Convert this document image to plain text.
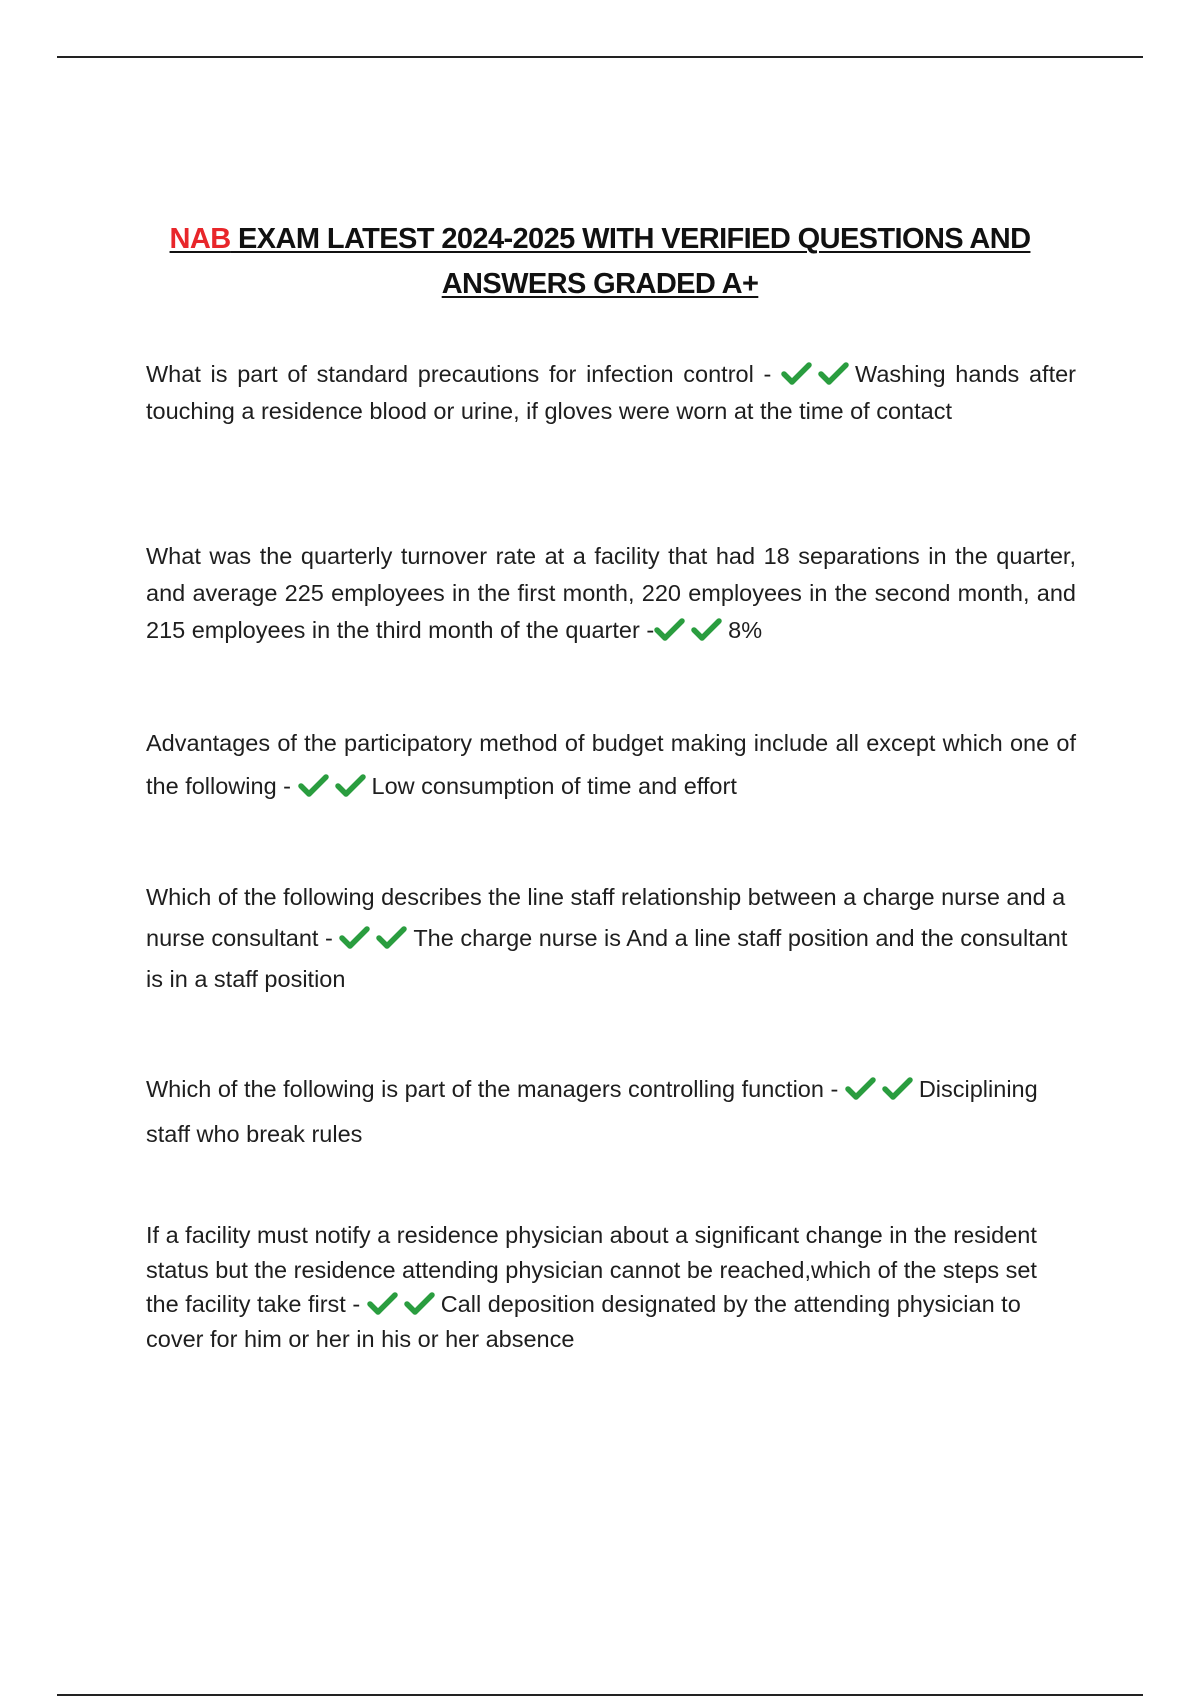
NAB EXAM LATEST 2024-2025 WITH VERIFIED QUESTIONS AND ANSWERS GRADED A+

What is part of standard precautions for infection control -	Washing hands after touching a residence blood or urine, if gloves were worn at the time of contact

What was the quarterly turnover rate at a facility that had 18 separations in the quarter, and average 225 employees in the first month, 220 employees in the second month, and 215 employees in the third month of the quarter -	8%

Advantages of the participatory method of budget making include all except which one of the following -	Low consumption of time and effort

Which of the following describes the line staff relationship between a charge nurse and a nurse consultant -	The charge nurse is And a line staff position and the consultant is in a staff position

Which of the following is part of the managers controlling function -	Disciplining staff who break rules

If a facility must notify a residence physician about a significant change in the resident status but the residence attending physician cannot be reached,which of the steps set the facility take first -	Call deposition designated by the attending physician to cover for him or her in his or her absence
